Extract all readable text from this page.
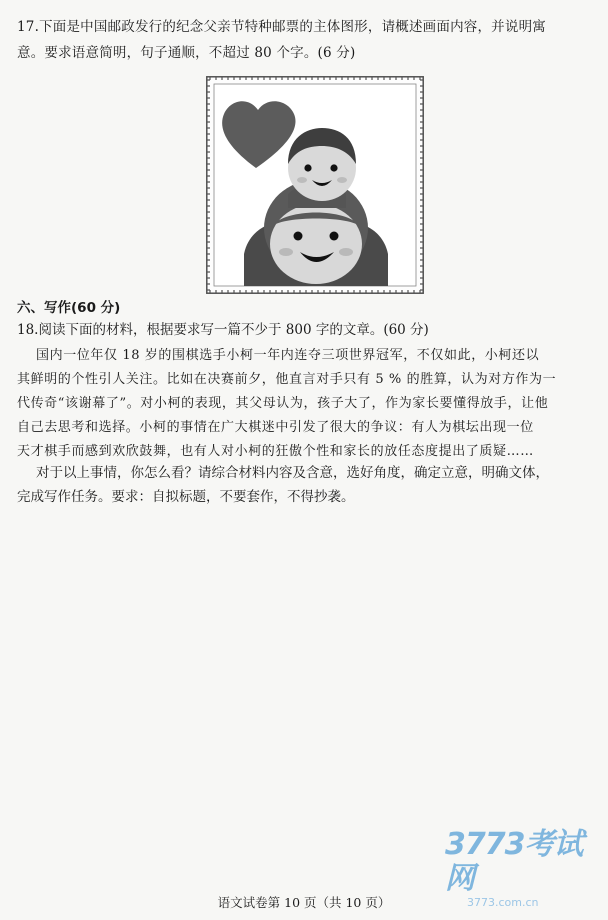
17.下面是中国邮政发行的纪念父亲节特种邮票的主体图形，请概述画面内容，并说明寓
意。要求语意简明，句子通顺，不超过 80 个字。(6 分)
六、写作(60 分)
18.阅读下面的材料，根据要求写一篇不少于 800 字的文章。(60 分)
国内一位年仅 18 岁的围棋选手小柯一年内连夺三项世界冠军，不仅如此，小柯还以
其鲜明的个性引人关注。比如在决赛前夕，他直言对手只有 5 % 的胜算，认为对方作为一
代传奇“该谢幕了”。对小柯的表现，其父母认为，孩子大了，作为家长要懂得放手，让他
自己去思考和选择。小柯的事情在广大棋迷中引发了很大的争议：有人为棋坛出现一位
天才棋手而感到欢欣鼓舞，也有人对小柯的狂傲个性和家长的放任态度提出了质疑……
对于以上事情，你怎么看？请综合材料内容及含意，选好角度，确定立意，明确文体，
完成写作任务。要求：自拟标题，不要套作，不得抄袭。
3773考试网
3773.com.cn
语文试卷第 10 页（共 10 页）
